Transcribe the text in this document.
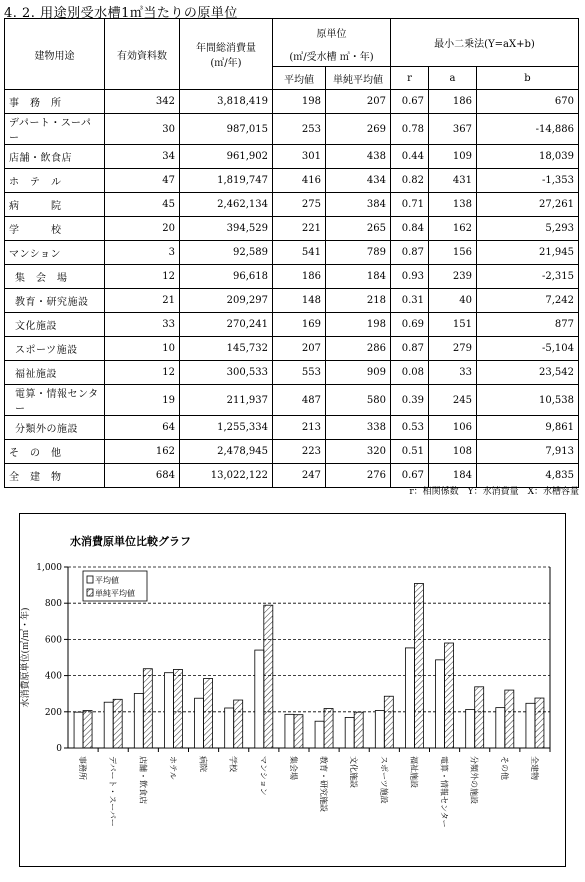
4. 2. 用途別受水槽1㎥当たりの原単位
建物用途	有効資料数	年間総消費量
(㎥/年)	原単位		最小二乗法(Y=aX+b)		
			(㎥/受水槽 ㎥・年)				
			平均値	単純平均値	r	a	b
事　務　所	342	3,818,419	198	207	0.67	186	670
デパート・スーパー	30	987,015	253	269	0.78	367	-14,886
店舗・飲食店	34	961,902	301	438	0.44	109	18,039
ホ　テ　ル	47	1,819,747	416	434	0.82	431	-1,353
病　　　院	45	2,462,134	275	384	0.71	138	27,261
学　　　校	20	394,529	221	265	0.84	162	5,293
マンション	3	92,589	541	789	0.87	156	21,945
集　会　場	12	96,618	186	184	0.93	239	-2,315
教育・研究施設	21	209,297	148	218	0.31	40	7,242
文化施設	33	270,241	169	198	0.69	151	877
スポーツ施設	10	145,732	207	286	0.87	279	-5,104
福祉施設	12	300,533	553	909	0.08	33	23,542
電算・情報センター	19	211,937	487	580	0.39	245	10,538
分類外の施設	64	1,255,334	213	338	0.53	106	9,861
そ　の　他	162	2,478,945	223	320	0.51	108	7,913
全　建　物	684	13,022,122	247	276	0.67	184	4,835
r：相関係数　Y：水消費量　X：水槽容量
水消費原単位比較グラフ
0
200
400
600
800
1,000
水消費原単位(㎥/㎥・年)
事務所	デパート・スーパー	店舗・飲食店	ホテル	病院	学校	マンション	集会場	教育・研究施設	文化施設	スポーツ施設	福祉施設	電算・情報センター	分類外の施設	その他	全建物
平均値
単純平均値
